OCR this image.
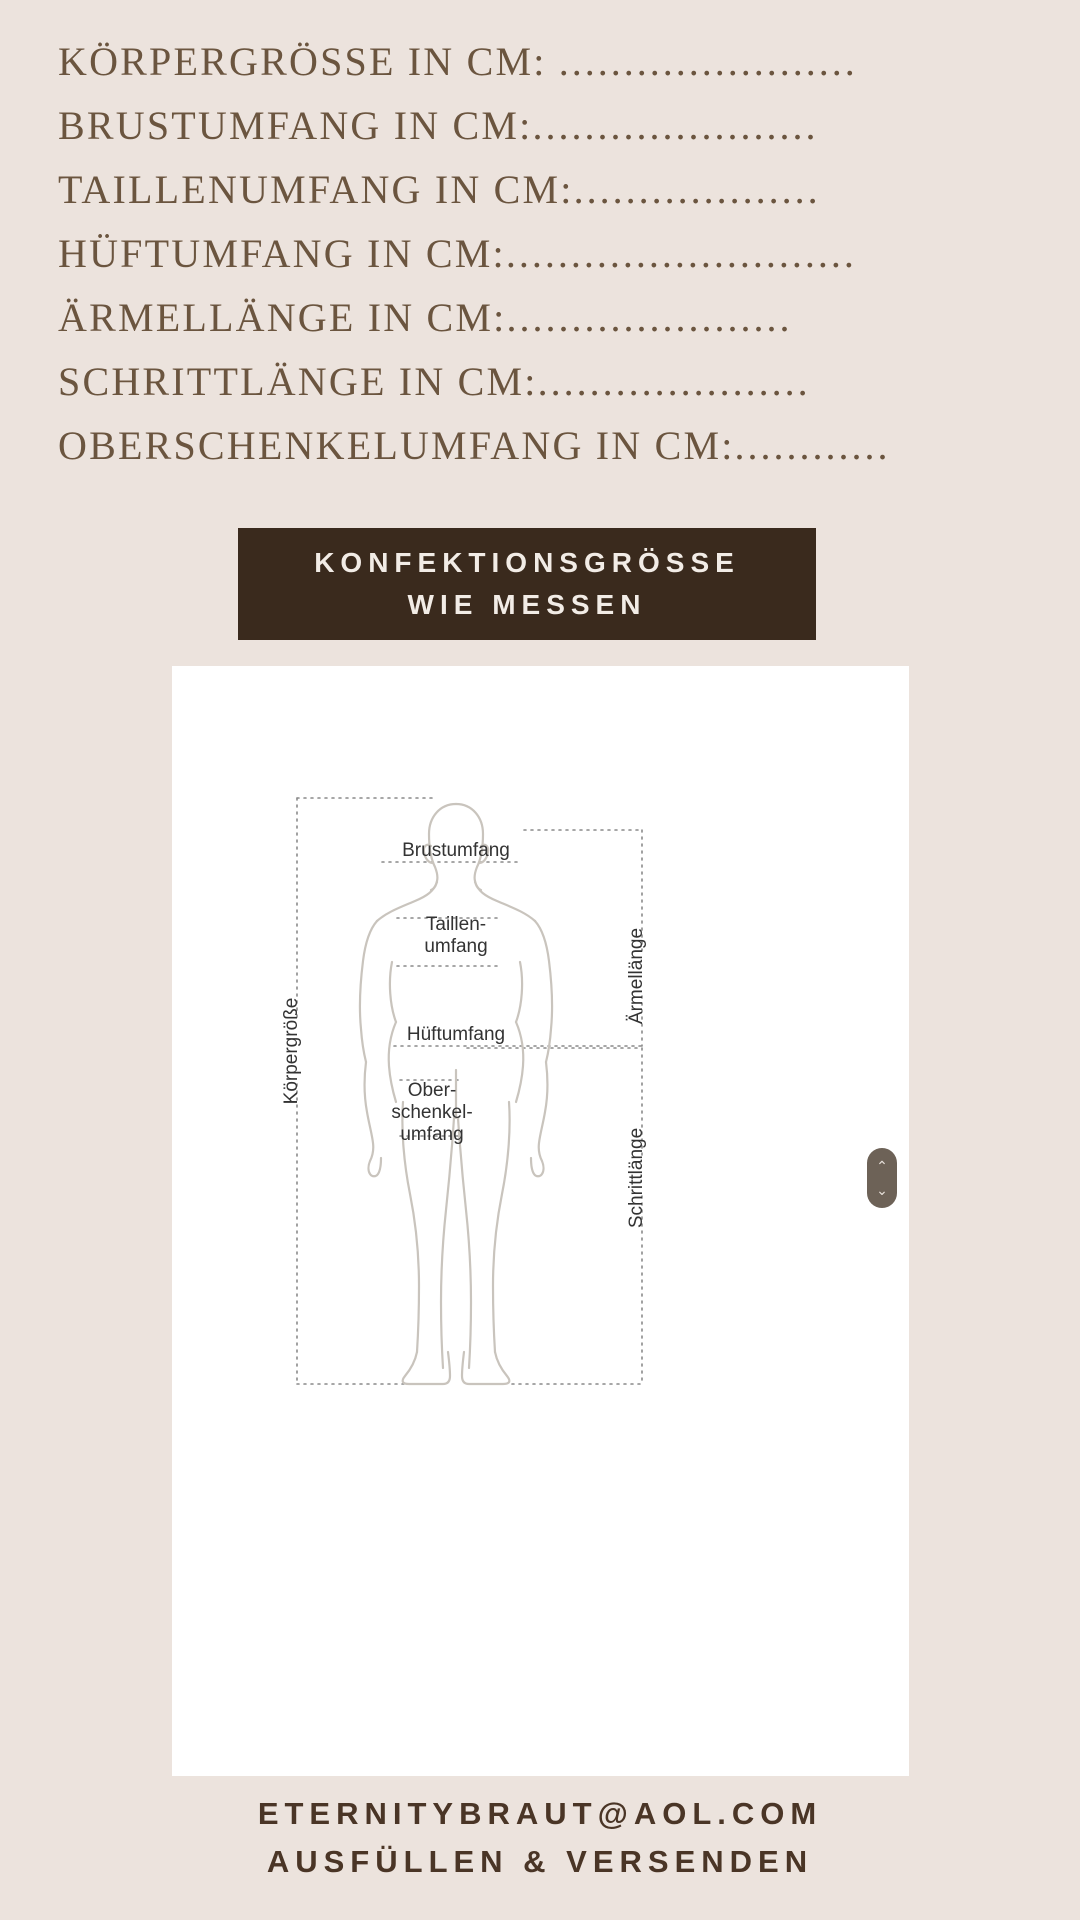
KÖRPERGRÖSSE IN CM: .......................
BRUSTUMFANG IN CM:......................
TAILLENUMFANG IN CM:...................
HÜFTUMFANG IN CM:...........................
ÄRMELLÄNGE IN CM:......................
SCHRITTLÄNGE IN CM:.....................
OBERSCHENKELUMFANG IN CM:............
KONFEKTIONSGRÖSSE
WIE MESSEN
Brustumfang
Taillen-
umfang
Hüftumfang
Ober-
schenkel-
umfang
Körpergröße
Ärmellänge
Schrittlänge	⌃
⌄
ETERNITYBRAUT@AOL.COM
AUSFÜLLEN & VERSENDEN
